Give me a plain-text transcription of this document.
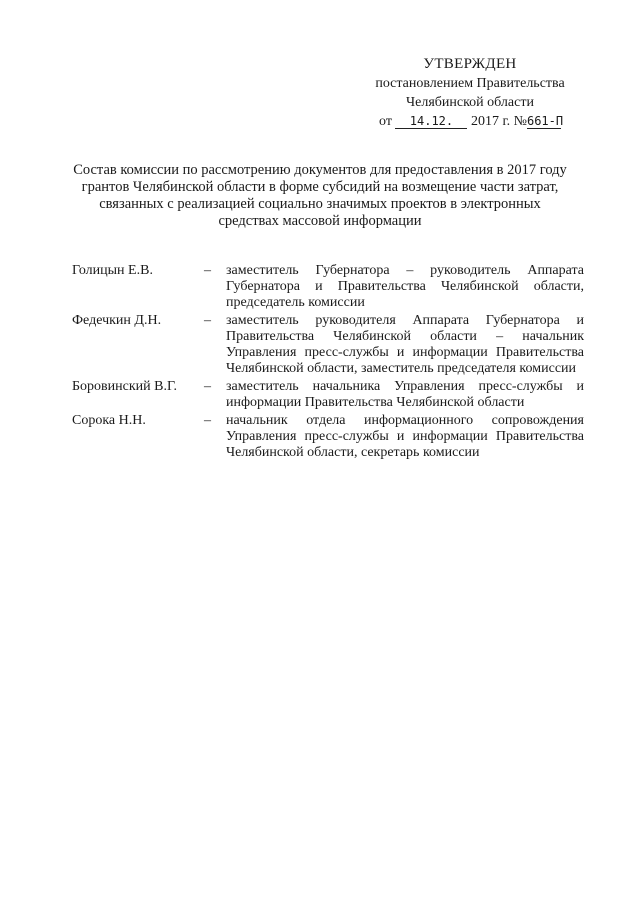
УТВЕРЖДЕН
постановлением Правительства
Челябинской области
от 14.12. 2017 г. №661-П
Состав комиссии по рассмотрению документов для предоставления в 2017 году грантов Челябинской области в форме субсидий на возмещение части затрат, связанных с реализацией социально значимых проектов в электронных средствах массовой информации
Голицын Е.В.	–	заместитель Губернатора – руководитель Аппарата Губернатора и Правительства Челябинской области, председатель комиссии
Федечкин Д.Н.	–	заместитель руководителя Аппарата Губернатора и Правительства Челябинской области – начальник Управления пресс-службы и информации Правительства Челябинской области, заместитель председателя комиссии
Боровинский В.Г.	–	заместитель начальника Управления пресс-службы и информации Правительства Челябинской области
Сорока Н.Н.	–	начальник отдела информационного сопровождения Управления пресс-службы и информации Правительства Челябинской области, секретарь комиссии
